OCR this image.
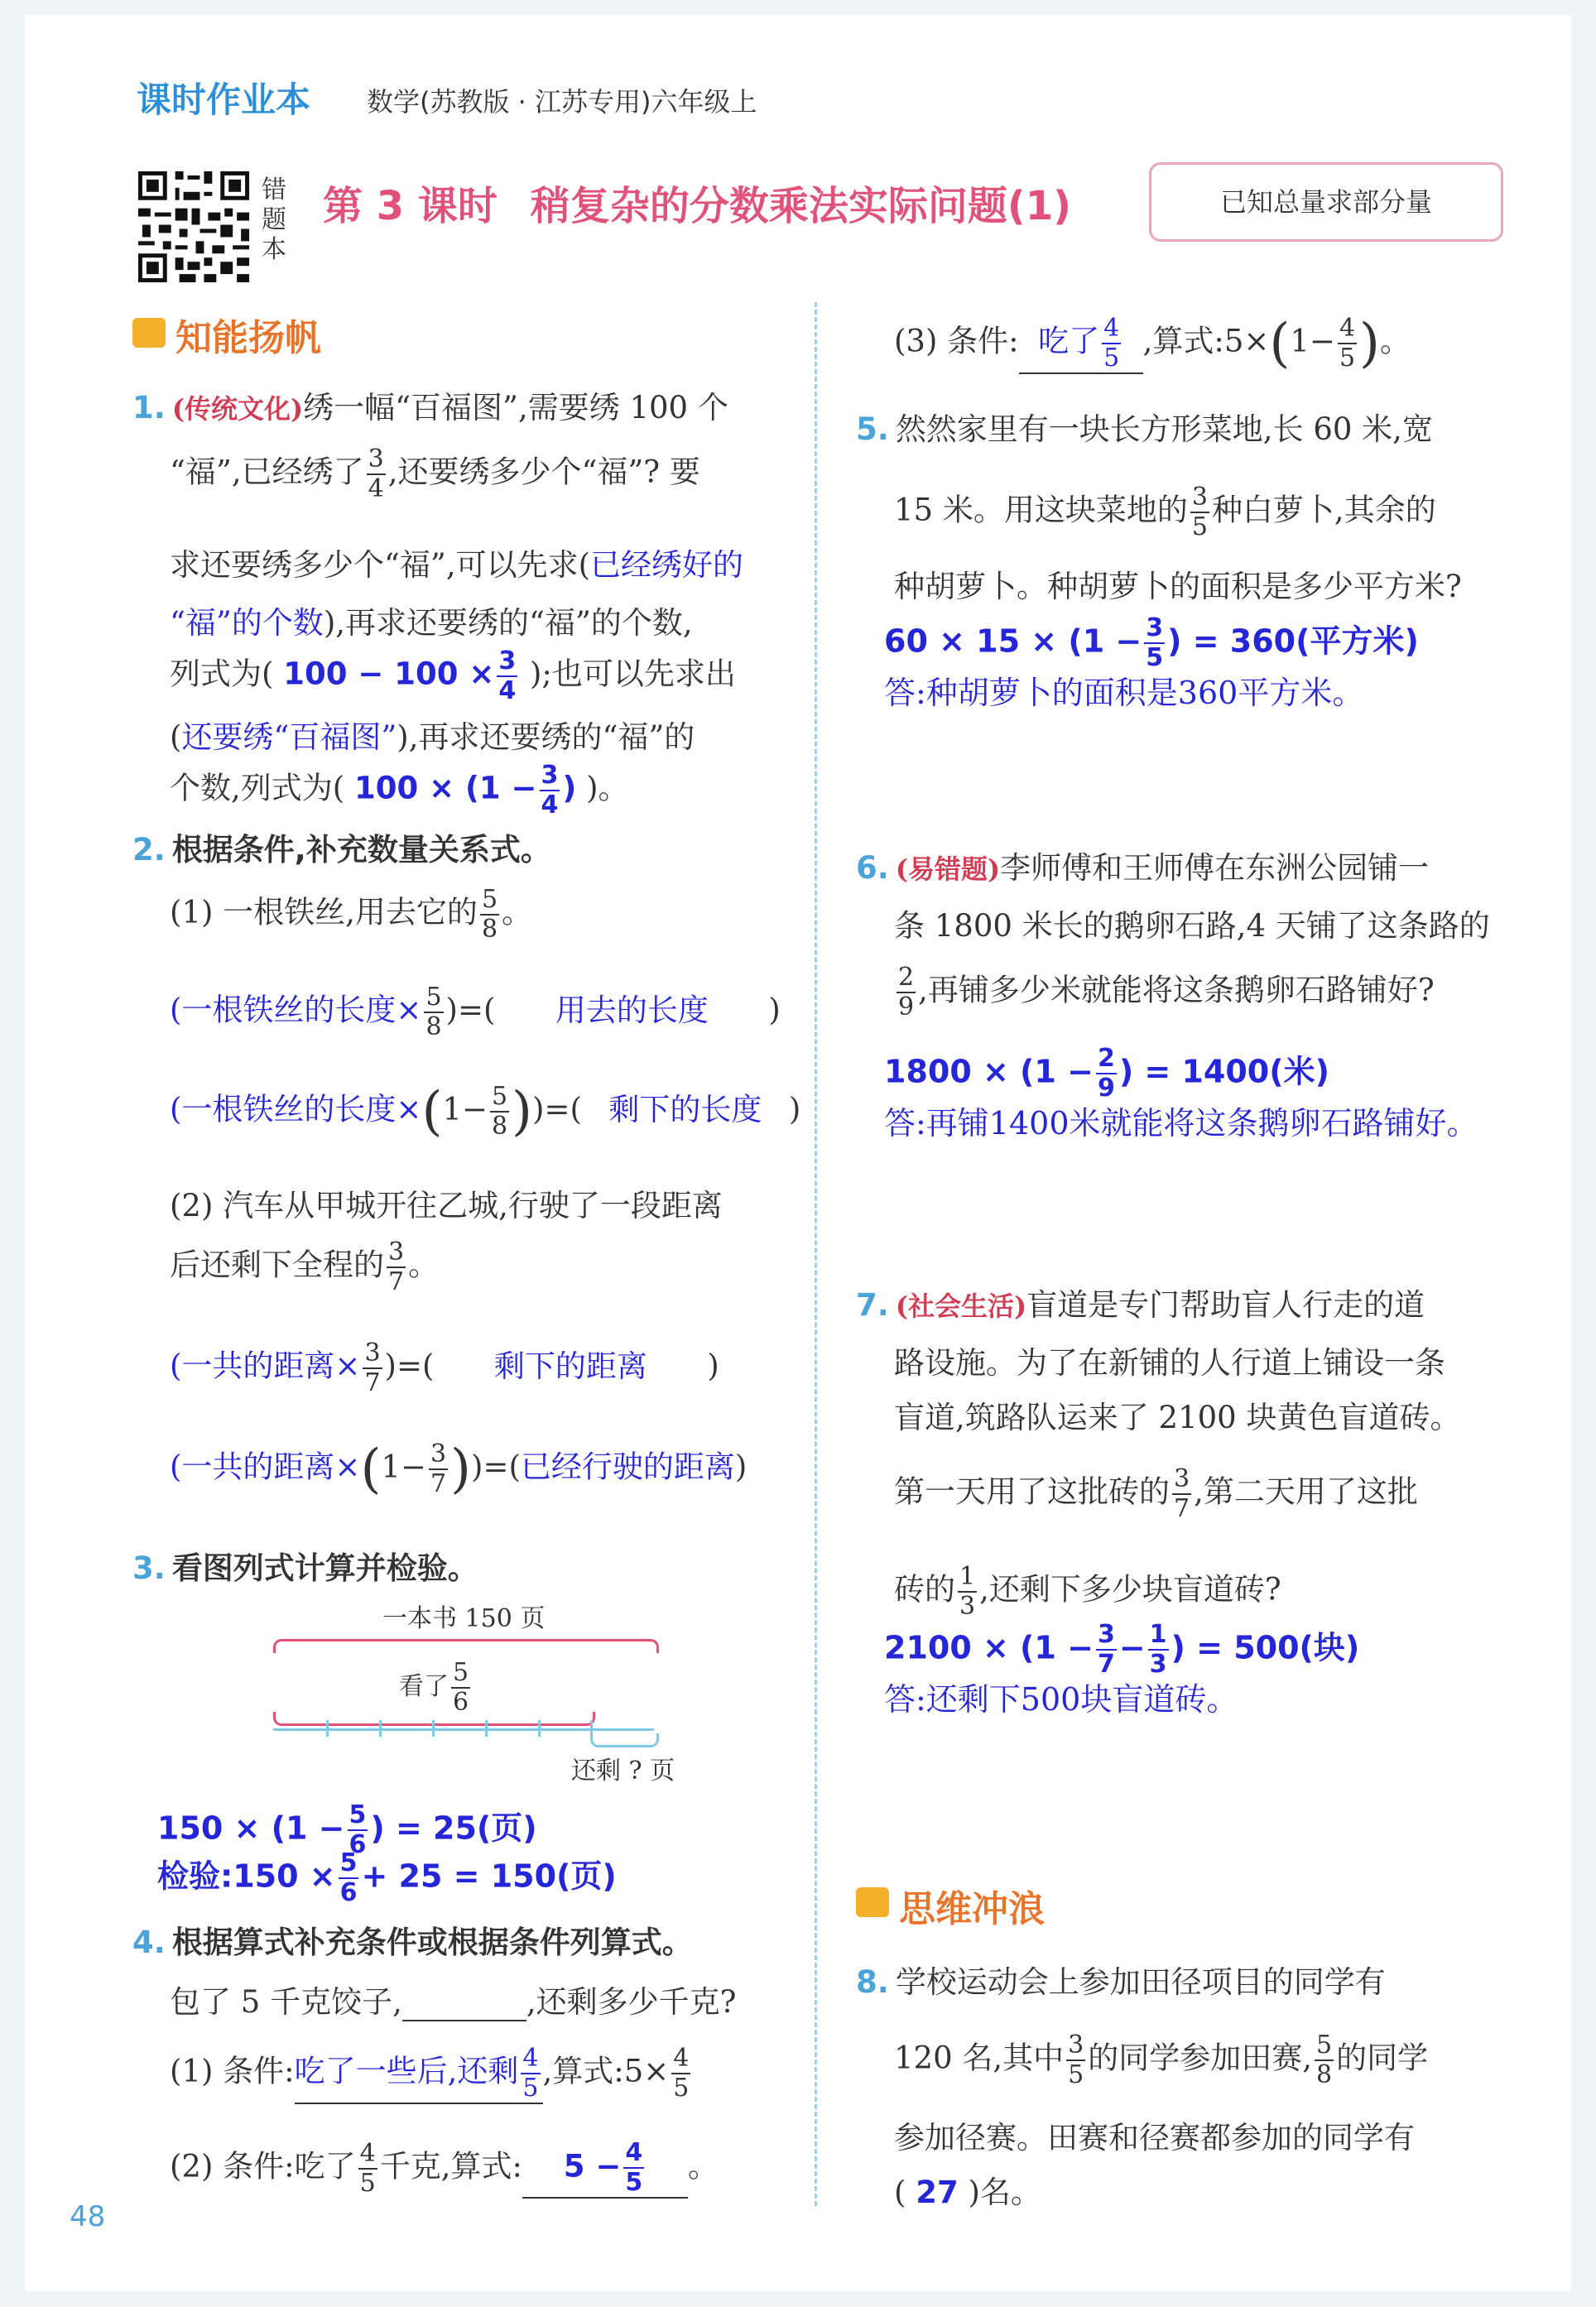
课时作业本 数学(苏教版 · 江苏专用)六年级上
错题本
第 3 课时 稍复杂的分数乘法实际问题(1)	已知总量求部分量
知能扬帆
思维冲浪
1. (传统文化)绣一幅“百福图”,需要绣 100 个
“福”,已经绣了 $\frac{3}{4}$ ,还要绣多少个“福”? 要
求还要绣多少个“福”,可以先求(已经绣好的
“福”的个数),再求还要绣的“福”的个数,
列式为( $100 - 100 \times \frac{3}{4}$ );也可以先求出
(还要绣“百福图”),再求还要绣的“福”的
个数,列式为( $100 \times (1 - \frac{3}{4}$ ) )。
2. 根据条件,补充数量关系式。
(1) 一根铁丝,用去它的 $\frac{5}{8}$ 。
(一根铁丝的长度× $\frac{5}{8}$ )=( 用去的长度 )
(一根铁丝的长度$\times(1- \frac{5}{8}$ ))=( 剩下的长度 )
(2) 汽车从甲城开往乙城,行驶了一段距离
后还剩下全程的 $\frac{3}{7}$ 。
(一共的距离× $\frac{3}{7}$ )=( 剩下的距离 )
(一共的距离$\times(1- \frac{3}{7}$ ))=(已经行驶的距离)
3. 看图列式计算并检验。
一本书 150 页
看了 $\frac{5}{6}$
还剩 ? 页
$150 \times (1 - \frac{5}{6}$ ) = 25(页)
检验:150 × $\frac{5}{6} + 25 = 150$(页)
4. 根据算式补充条件或根据条件列算式。
包了 5 千克饺子,	,还剩多少千克?
(1) 条件:吃了一些后,还剩 $\frac{4}{5}$ ,算式:5× $\frac{4}{5}$
(2) 条件:吃了 $\frac{4}{5}$ 千克,算式: $5 - \frac{4}{5}$ 。
(3) 条件: 吃了 $\frac{4}{5}$ ,算式:5×(1− $\frac{4}{5}$ )。
5. 然然家里有一块长方形菜地,长 60 米,宽
15 米。用这块菜地的 $\frac{3}{5}$ 种白萝卜,其余的
种胡萝卜。种胡萝卜的面积是多少平方米?
$60 \times 15 \times (1 - \frac{3}{5}$ ) = 360(平方米)
答:种胡萝卜的面积是360平方米。
6. (易错题)李师傅和王师傅在东洲公园铺一
条 1800 米长的鹅卵石路,4 天铺了这条路的
$\frac{2}{9}$ ,再铺多少米就能将这条鹅卵石路铺好?
$1800 \times (1 - \frac{2}{9}$ ) = 1400(米)
答:再铺1400米就能将这条鹅卵石路铺好。
7. (社会生活)盲道是专门帮助盲人行走的道
路设施。为了在新铺的人行道上铺设一条
盲道,筑路队运来了 2100 块黄色盲道砖。
第一天用了这批砖的 $\frac{3}{7}$ ,第二天用了这批
砖的 $\frac{1}{3}$ ,还剩下多少块盲道砖?
$2100 \times (1 - \frac{3}{7} - \frac{1}{3}$ ) = 500(块)
答:还剩下500块盲道砖。
8. 学校运动会上参加田径项目的同学有
120 名,其中 $\frac{3}{5}$ 的同学参加田赛, $\frac{5}{8}$ 的同学
参加径赛。田赛和径赛都参加的同学有
( 27 )名。
48
